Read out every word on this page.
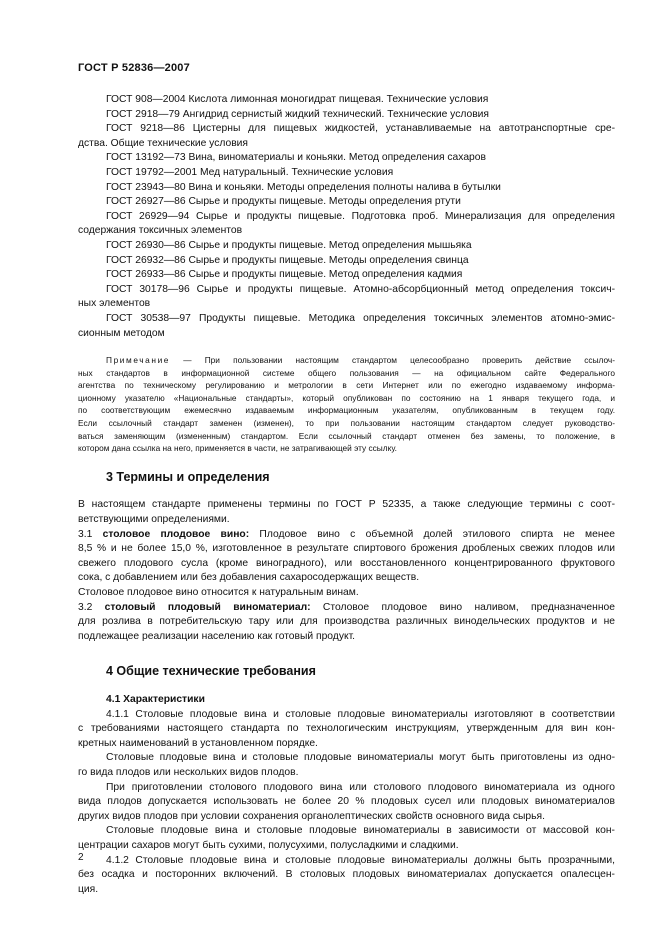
ГОСТ Р 52836—2007
ГОСТ 908—2004 Кислота лимонная моногидрат пищевая. Технические условия
ГОСТ 2918—79 Ангидрид сернистый жидкий технический. Технические условия
ГОСТ 9218—86 Цистерны для пищевых жидкостей, устанавливаемые на автотранспортные сре-
дства. Общие технические условия
ГОСТ 13192—73 Вина, виноматериалы и коньяки. Метод определения сахаров
ГОСТ 19792—2001 Мед натуральный. Технические условия
ГОСТ 23943—80 Вина и коньяки. Методы определения полноты налива в бутылки
ГОСТ 26927—86 Сырье и продукты пищевые. Методы определения ртути
ГОСТ 26929—94 Сырье и продукты пищевые. Подготовка проб. Минерализация для определения
содержания токсичных элементов
ГОСТ 26930—86 Сырье и продукты пищевые. Метод определения мышьяка
ГОСТ 26932—86 Сырье и продукты пищевые. Методы определения свинца
ГОСТ 26933—86 Сырье и продукты пищевые. Метод определения кадмия
ГОСТ 30178—96 Сырье и продукты пищевые. Атомно-абсорбционный метод определения токсич-
ных элементов
ГОСТ 30538—97 Продукты пищевые. Методика определения токсичных элементов атомно-эмис-
сионным методом
Примечание — При пользовании настоящим стандартом целесообразно проверить действие ссылоч-
ных стандартов в информационной системе общего пользования — на официальном сайте Федерального
агентства по техническому регулированию и метрологии в сети Интернет или по ежегодно издаваемому информа-
ционному указателю «Национальные стандарты», который опубликован по состоянию на 1 января текущего года, и
по соответствующим ежемесячно издаваемым информационным указателям, опубликованным в текущем году.
Если ссылочный стандарт заменен (изменен), то при пользовании настоящим стандартом следует руководство-
ваться заменяющим (измененным) стандартом. Если ссылочный стандарт отменен без замены, то положение, в
котором дана ссылка на него, применяется в части, не затрагивающей эту ссылку.
3 Термины и определения
В настоящем стандарте применены термины по ГОСТ Р 52335, а также следующие термины с соот-
ветствующими определениями.
3.1 столовое плодовое вино: Плодовое вино с объемной долей этилового спирта не менее
8,5 % и не более 15,0 %, изготовленное в результате спиртового брожения дробленых свежих плодов или
свежего плодового сусла (кроме виноградного), или восстановленного концентрированного фруктового
сока, с добавлением или без добавления сахаросодержащих веществ.
Столовое плодовое вино относится к натуральным винам.
3.2 столовый плодовый виноматериал: Столовое плодовое вино наливом, предназначенное
для розлива в потребительскую тару или для производства различных винодельческих продуктов и не
подлежащее реализации населению как готовый продукт.
4 Общие технические требования
4.1 Характеристики
4.1.1 Столовые плодовые вина и столовые плодовые виноматериалы изготовляют в соответствии
с требованиями настоящего стандарта по технологическим инструкциям, утвержденным для вин кон-
кретных наименований в установленном порядке.
Столовые плодовые вина и столовые плодовые виноматериалы могут быть приготовлены из одно-
го вида плодов или нескольких видов плодов.
При приготовлении столового плодового вина или столового плодового виноматериала из одного
вида плодов допускается использовать не более 20 % плодовых сусел или плодовых виноматериалов
других видов плодов при условии сохранения органолептических свойств основного вида сырья.
Столовые плодовые вина и столовые плодовые виноматериалы в зависимости от массовой кон-
центрации сахаров могут быть сухими, полусухими, полусладкими и сладкими.
4.1.2 Столовые плодовые вина и столовые плодовые виноматериалы должны быть прозрачными,
без осадка и посторонних включений. В столовых плодовых виноматериалах допускается опалесцен-
ция.
2
